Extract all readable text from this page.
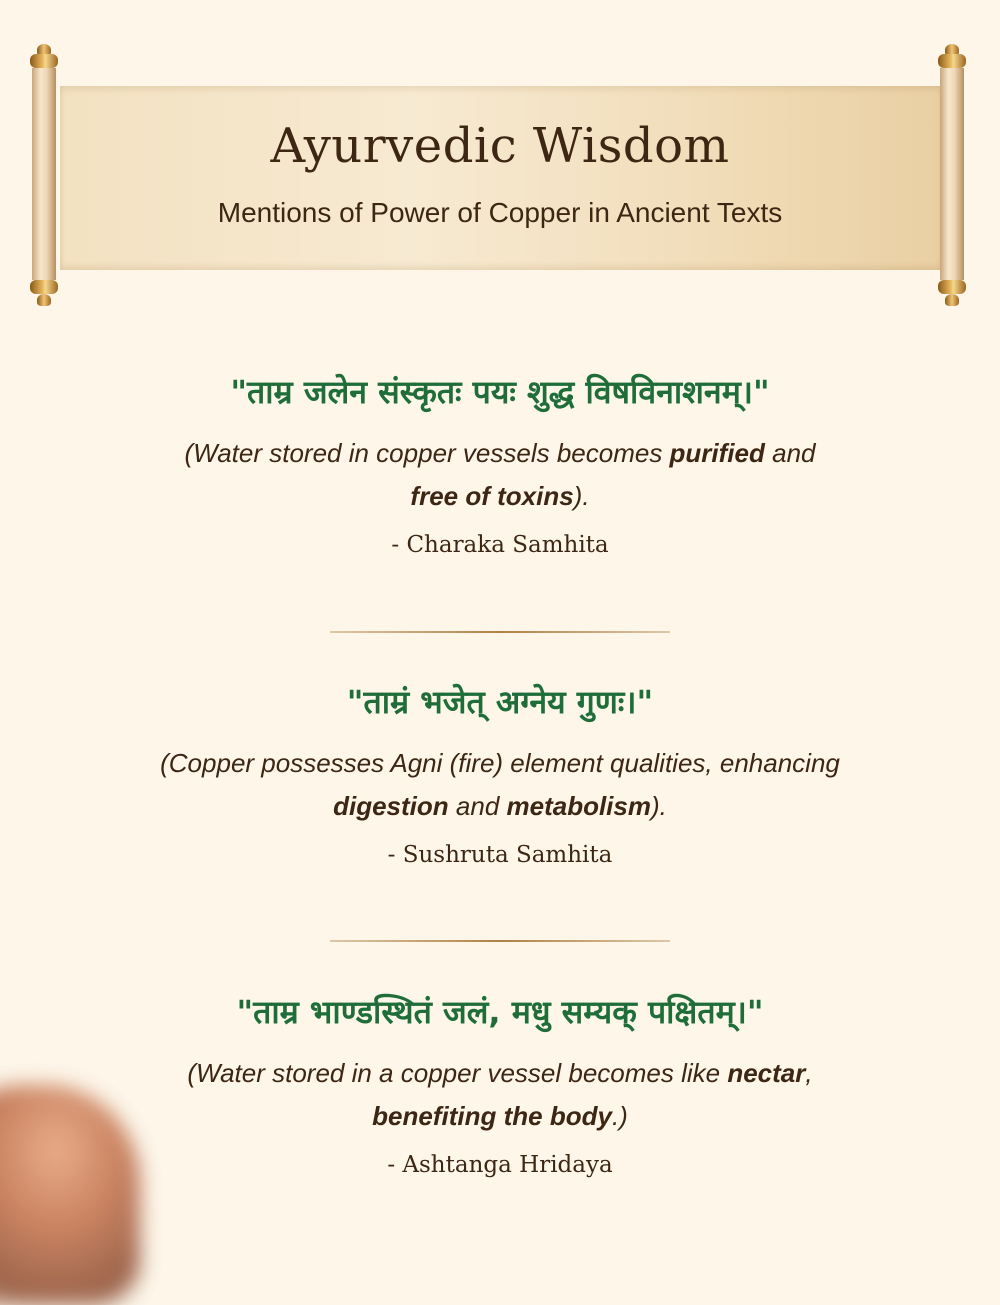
Ayurvedic Wisdom
Mentions of Power of Copper in Ancient Texts
"ताम्र जलेन संस्कृतः पयः शुद्ध विषविनाशनम्।"
(Water stored in copper vessels becomes purified and
free of toxins).
- Charaka Samhita
"ताम्रं भजेत् अग्नेय गुणः।"
(Copper possesses Agni (fire) element qualities, enhancing
digestion and metabolism).
- Sushruta Samhita
"ताम्र भाण्डस्थितं जलं, मधु सम्यक् पक्षितम्।"
(Water stored in a copper vessel becomes like nectar,
benefiting the body.)
- Ashtanga Hridaya
